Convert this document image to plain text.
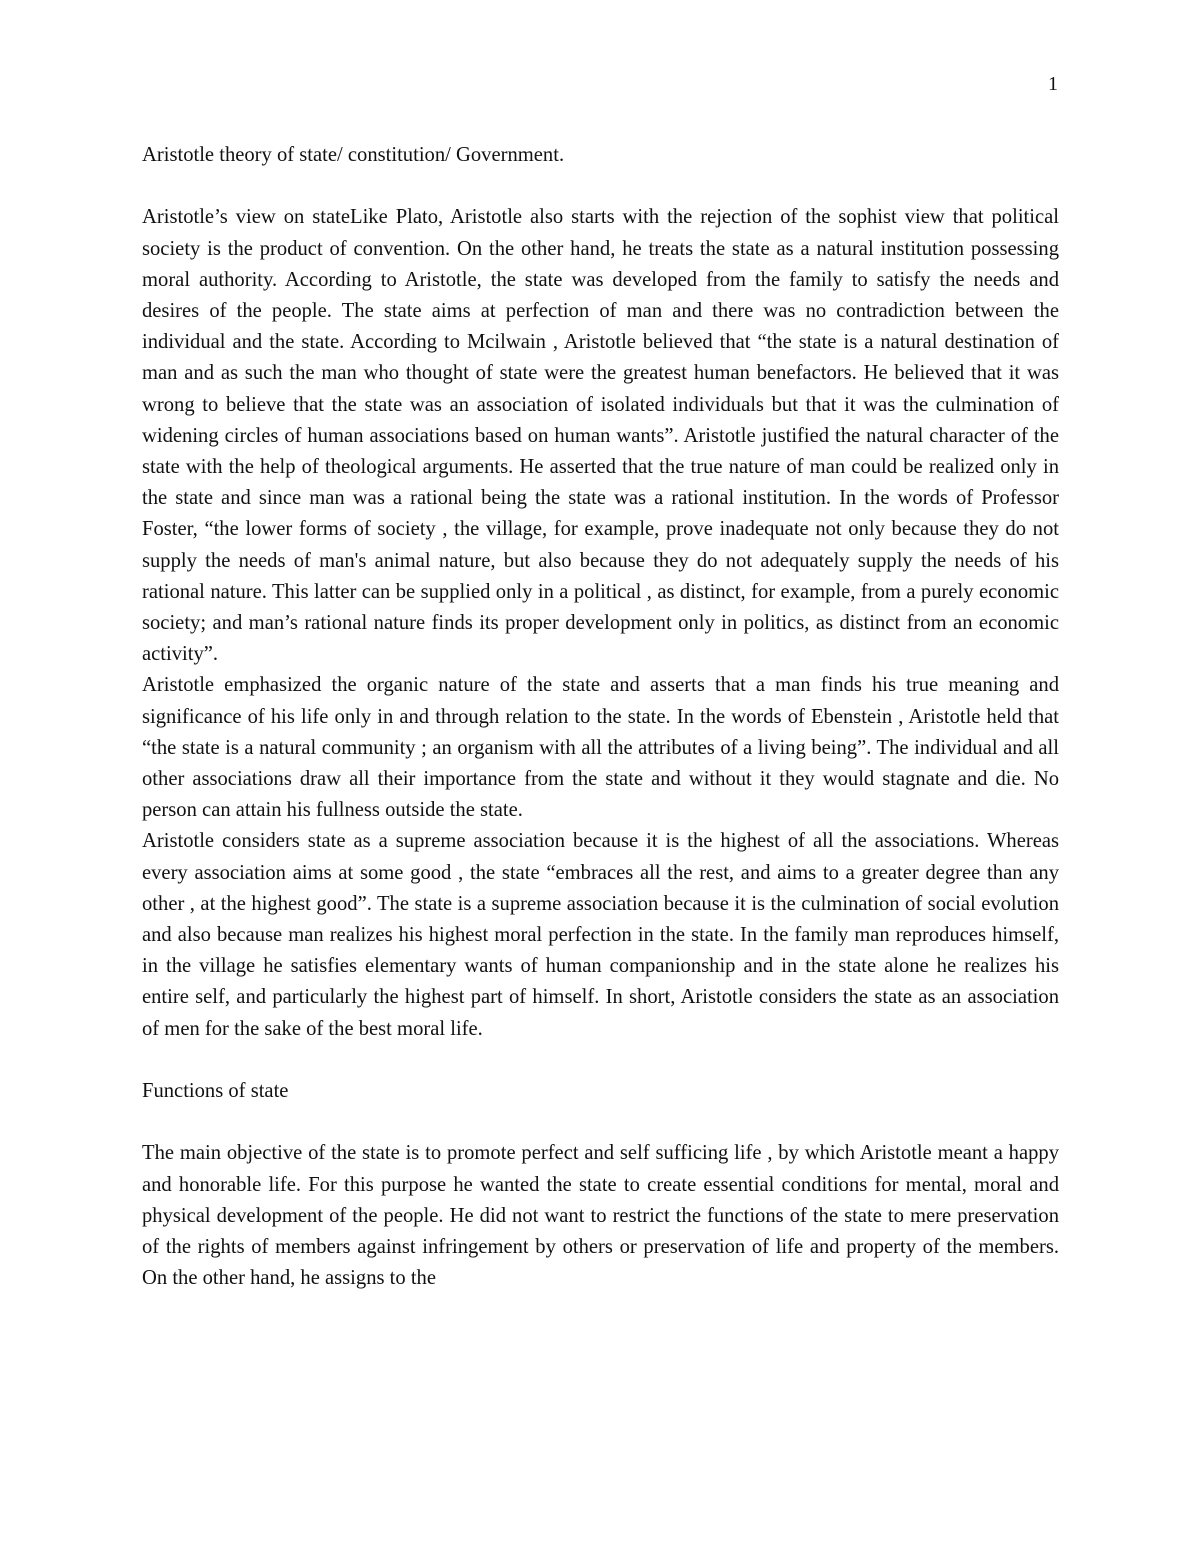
1

Aristotle theory of state/ constitution/ Government.

Aristotle’s view on stateLike Plato, Aristotle also starts with the rejection of the sophist view that political society is the product of convention. On the other hand, he treats the state as a natural institution possessing moral authority. According to Aristotle, the state was developed from the family to satisfy the needs and desires of the people. The state aims at perfection of man and there was no contradiction between the individual and the state. According to Mcilwain , Aristotle believed that “the state is a natural destination of man and as such the man who thought of state were the greatest human benefactors. He believed that it was wrong to believe that the state was an association of isolated individuals but that it was the culmination of widening circles of human associations based on human wants”. Aristotle justified the natural character of the state with the help of theological arguments. He asserted that the true nature of man could be realized only in the state and since man was a rational being the state was a rational institution. In the words of Professor Foster, “the lower forms of society , the village, for example, prove inadequate not only because they do not supply the needs of man's animal nature, but also because they do not adequately supply the needs of his rational nature. This latter can be supplied only in a political , as distinct, for example, from a purely economic society; and man’s rational nature finds its proper development only in politics, as distinct from an economic activity”.

Aristotle emphasized the organic nature of the state and asserts that a man finds his true meaning and significance of his life only in and through relation to the state. In the words of Ebenstein , Aristotle held that “the state is a natural community ; an organism with all the attributes of a living being”. The individual and all other associations draw all their importance from the state and without it they would stagnate and die. No person can attain his fullness outside the state.

Aristotle considers state as a supreme association because it is the highest of all the associations. Whereas every association aims at some good , the state “embraces all the rest, and aims to a greater degree than any other , at the highest good”. The state is a supreme association because it is the culmination of social evolution and also because man realizes his highest moral perfection in the state. In the family man reproduces himself, in the village he satisfies elementary wants of human companionship and in the state alone he realizes his entire self, and particularly the highest part of himself. In short, Aristotle considers the state as an association of men for the sake of the best moral life.

Functions of state

The main objective of the state is to promote perfect and self sufficing life , by which Aristotle meant a happy and honorable life. For this purpose he wanted the state to create essential conditions for mental, moral and physical development of the people. He did not want to restrict the functions of the state to mere preservation of the rights of members against infringement by others or preservation of life and property of the members. On the other hand, he assigns to the
